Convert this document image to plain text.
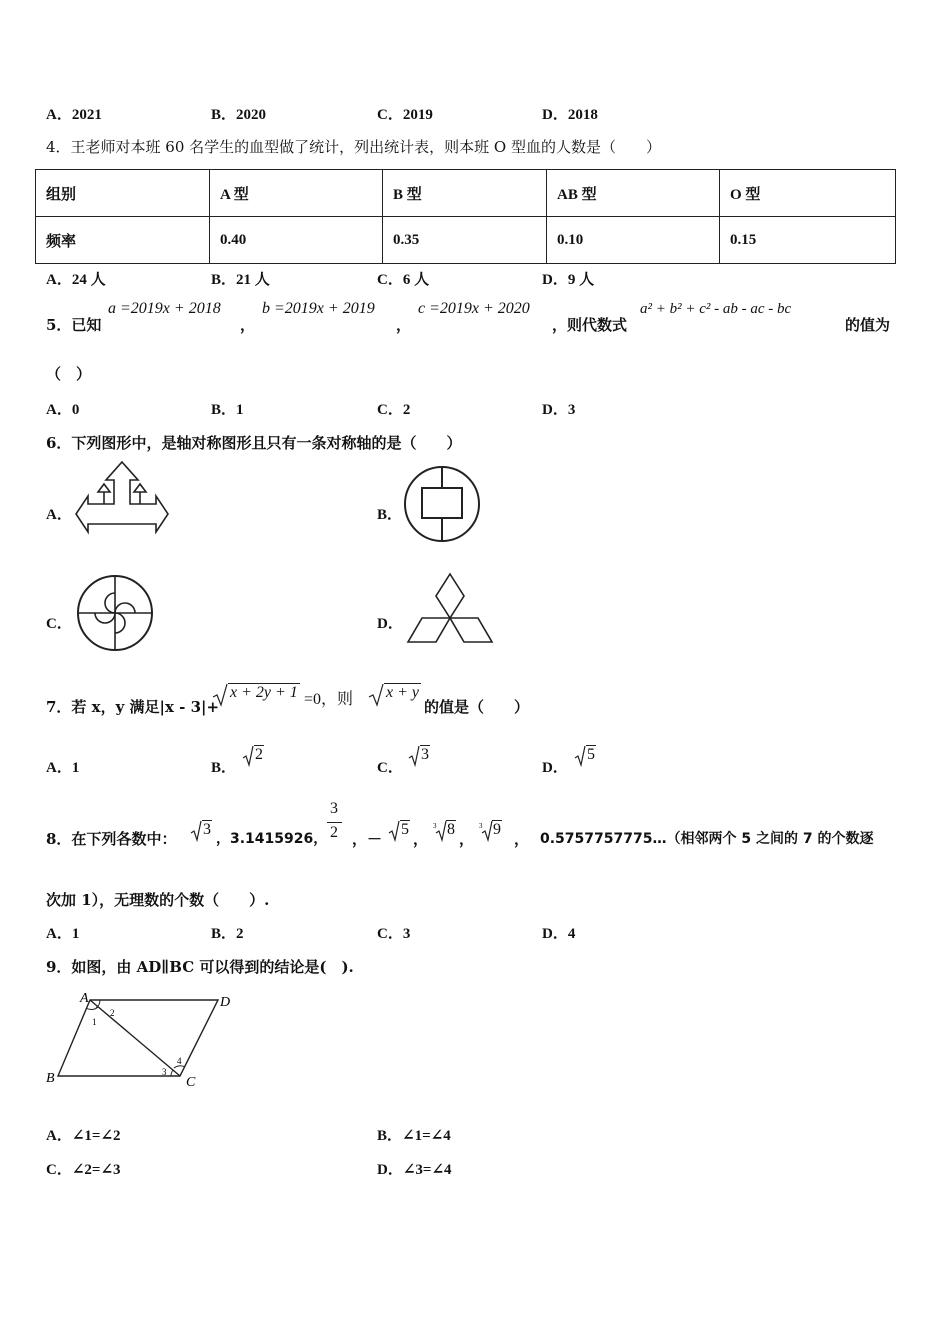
A．2021	B．2020	C．2019	D．2018
4．王老师对本班 60 名学生的血型做了统计，列出统计表，则本班 O 型血的人数是（　　）
组别	A 型	B 型	AB 型	O 型
频率	0.40	0.35	0.10	0.15
A．24 人	B．21 人	C．6 人	D．9 人
5．已知
a =2019x + 2018
，
b =2019x + 2019
，
c =2019x + 2020
，则代数式
a² + b² + c² - ab - ac - bc
的值为
（　）
A．0	B．1	C．2	D．3
6．下列图形中，是轴对称图形且只有一条对称轴的是（　　）
A．	B．
C．	D．
7．若 x，y 满足|x - 3|+
x + 2y + 1 =0，则 x + y
的值是（　　）
A．1	B．
2
C．
3
D．
5
8．在下列各数中：
3
，3.1415926，
3
2 ，－
5
，
3 8
，
3 9
， 0.5757757775…（相邻两个 5 之间的 7 的个数逐
次加 1），无理数的个数（　　）.
A．1	B．2	C．3	D．4
9．如图，由 AD∥BC 可以得到的结论是(　).
A	D
B	C
1
2
3
4
A．∠1=∠2	B．∠1=∠4
C．∠2=∠3	D．∠3=∠4
